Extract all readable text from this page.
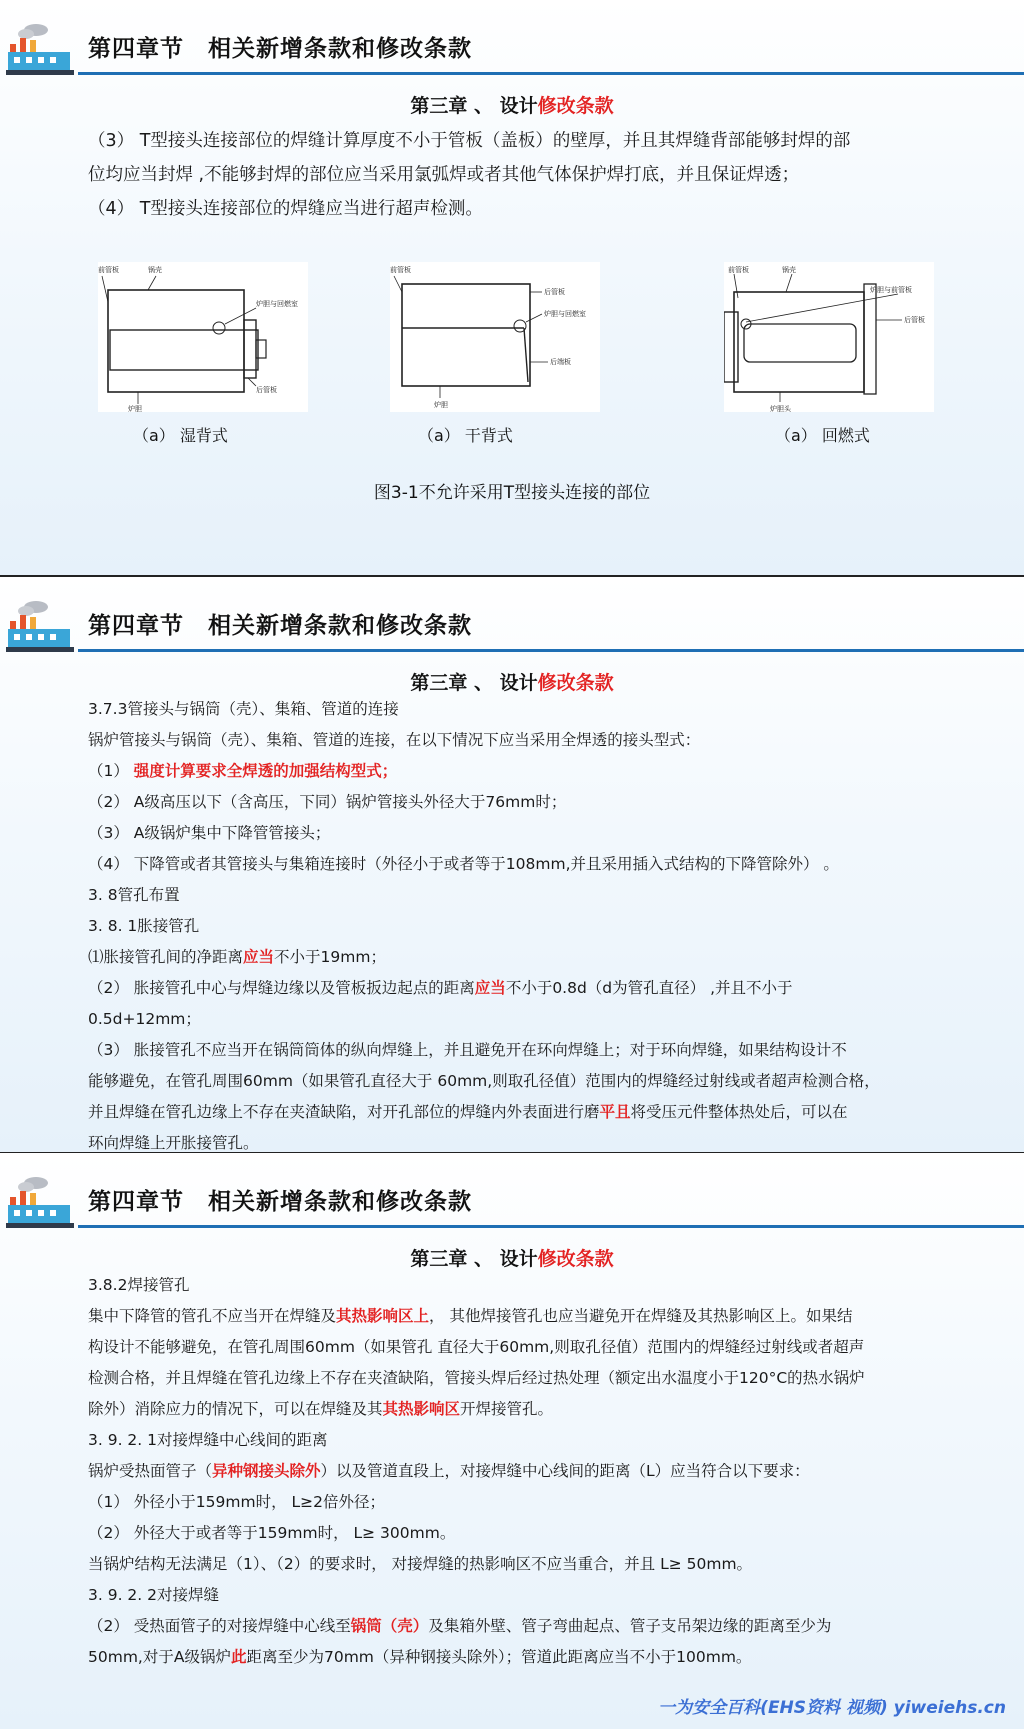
第四章节　相关新增条款和修改条款
第三章 、 设计修改条款
（3） T型接头连接部位的焊缝计算厚度不小于管板（盖板）的壁厚，并且其焊缝背部能够封焊的部
位均应当封焊 ,不能够封焊的部位应当采用氯弧焊或者其他气体保护焊打底，并且保证焊透；
（4） T型接头连接部位的焊缝应当进行超声检测。
前管板	锅壳
炉胆与回燃室
后管板
炉胆
（a） 湿背式
前管板
后管板
炉胆与回燃室
后端板
炉胆
（a） 干背式
前管板	锅壳
炉胆与前管板
后管板
炉胆头
（a） 回燃式
图3-1不允许采用T型接头连接的部位
第四章节　相关新增条款和修改条款
第三章 、 设计修改条款
3.7.3管接头与锅筒（壳）、集箱、管道的连接
锅炉管接头与锅筒（壳）、集箱、管道的连接，在以下情况下应当采用全焊透的接头型式：
（1） 强度计算要求全焊透的加强结构型式；
（2） A级高压以下（含高压，下同）锅炉管接头外径大于76mm时；
（3） A级锅炉集中下降管管接头；
（4） 下降管或者其管接头与集箱连接时（外径小于或者等于108mm,并且采用插入式结构的下降管除外） 。
3. 8管孔布置
3. 8. 1胀接管孔
⑴胀接管孔间的净距离应当不小于19mm；
（2） 胀接管孔中心与焊缝边缘以及管板扳边起点的距离应当不小于0.8d（d为管孔直径） ,并且不小于
0.5d+12mm；
（3） 胀接管孔不应当开在锅筒筒体的纵向焊缝上，并且避免开在环向焊缝上；对于环向焊缝，如果结构设计不
能够避免，在管孔周围60mm（如果管孔直径大于 60mm,则取孔径值）范围内的焊缝经过射线或者超声检测合格，
并且焊缝在管孔边缘上不存在夹渣缺陷，对开孔部位的焊缝内外表面进行磨平且将受压元件整体热处后，可以在
环向焊缝上开胀接管孔。
第四章节　相关新增条款和修改条款
第三章 、 设计修改条款
3.8.2焊接管孔
集中下降管的管孔不应当开在焊缝及其热影响区上， 其他焊接管孔也应当避免开在焊缝及其热影响区上。如果结
构设计不能够避免，在管孔周围60mm（如果管孔 直径大于60mm,则取孔径值）范围内的焊缝经过射线或者超声
检测合格，并且焊缝在管孔边缘上不存在夹渣缺陷，管接头焊后经过热处理（额定出水温度小于120°C的热水锅炉
除外）消除应力的情况下，可以在焊缝及其其热影响区开焊接管孔。
3. 9. 2. 1对接焊缝中心线间的距离
锅炉受热面管子（异种钢接头除外）以及管道直段上，对接焊缝中心线间的距离（L）应当符合以下要求：
（1） 外径小于159mm时， L≥2倍外径；
（2） 外径大于或者等于159mm时， L≥ 300mm。
当锅炉结构无法满足（1）、（2）的要求时， 对接焊缝的热影响区不应当重合，并且 L≥ 50mm。
3. 9. 2. 2对接焊缝
（2） 受热面管子的对接焊缝中心线至锅筒（壳）及集箱外壁、管子弯曲起点、管子支吊架边缘的距离至少为
50mm,对于A级锅炉此距离至少为70mm（异种钢接头除外）；管道此距离应当不小于100mm。
一为安全百科(EHS资料 视频) yiweiehs.cn
